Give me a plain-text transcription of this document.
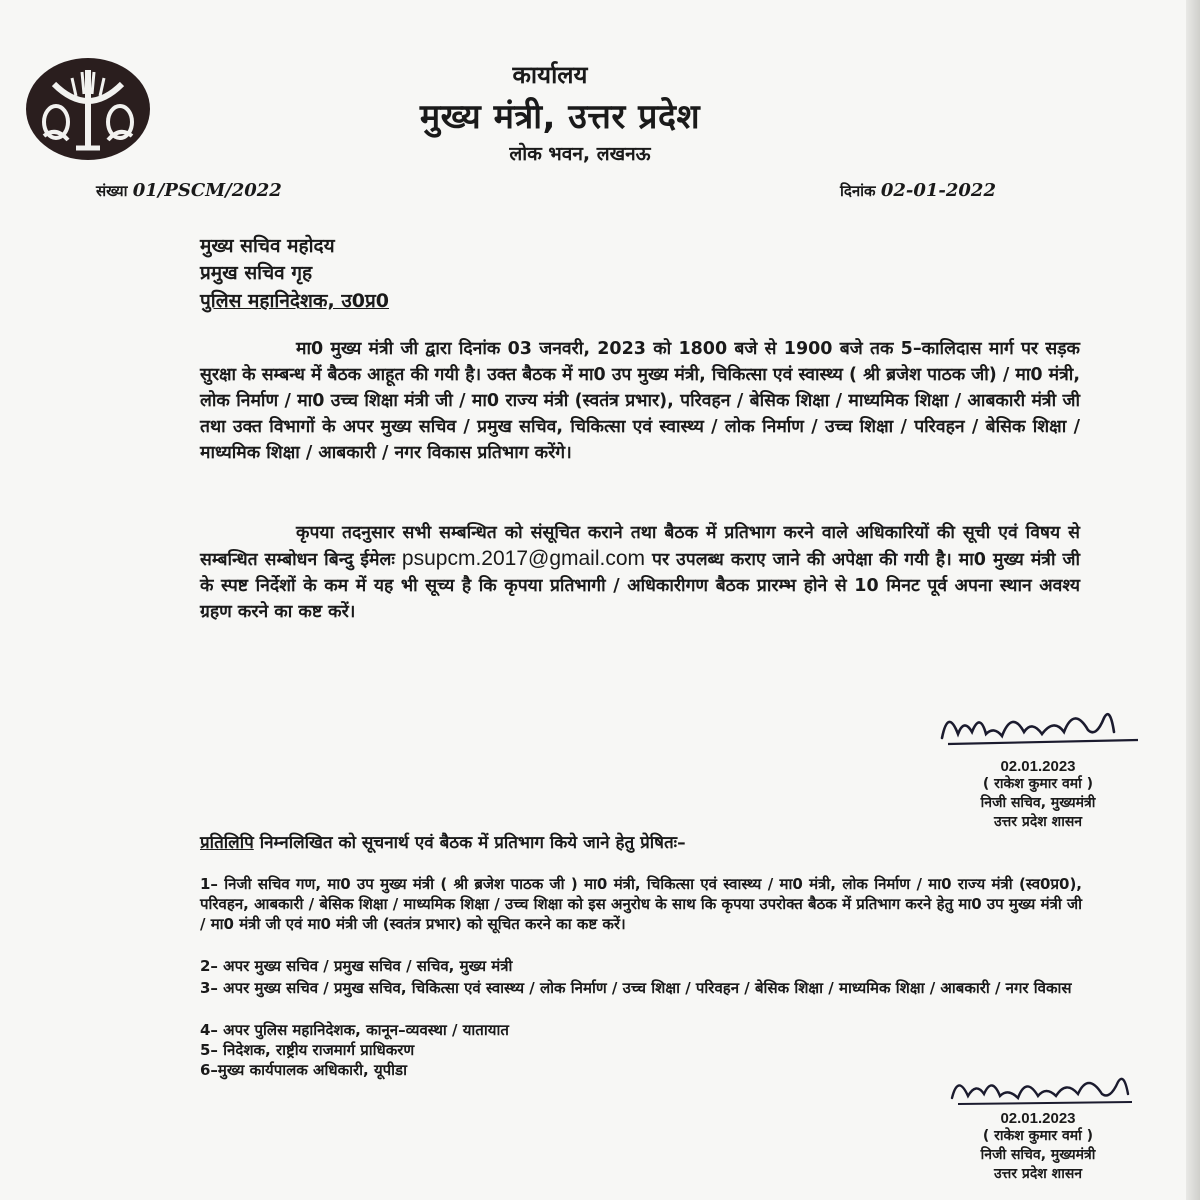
कार्यालय
मुख्य मंत्री, उत्तर प्रदेश
लोक भवन, लखनऊ
संख्या 01/PSCM/2022	दिनांक 02-01-2022
मुख्य सचिव महोदय
प्रमुख सचिव गृह
पुलिस महानिदेशक, उ0प्र0
मा0 मुख्य मंत्री जी द्वारा दिनांक 03 जनवरी, 2023 को 1800 बजे से 1900 बजे तक 5–कालिदास मार्ग पर सड़क सुरक्षा के सम्बन्ध में बैठक आहूत की गयी है। उक्त बैठक में मा0 उप मुख्य मंत्री, चिकित्सा एवं स्वास्थ्य ( श्री ब्रजेश पाठक जी) / मा0 मंत्री, लोक निर्माण / मा0 उच्च शिक्षा मंत्री जी / मा0 राज्य मंत्री (स्वतंत्र प्रभार), परिवहन / बेसिक शिक्षा / माध्यमिक शिक्षा / आबकारी मंत्री जी तथा उक्त विभागों के अपर मुख्य सचिव / प्रमुख सचिव, चिकित्सा एवं स्वास्थ्य / लोक निर्माण / उच्च शिक्षा / परिवहन / बेसिक शिक्षा / माध्यमिक शिक्षा / आबकारी / नगर विकास प्रतिभाग करेंगे।
कृपया तदनुसार सभी सम्बन्धित को संसूचित कराने तथा बैठक में प्रतिभाग करने वाले अधिकारियों की सूची एवं विषय से सम्बन्धित सम्बोधन बिन्दु ईमेलः psupcm.2017@gmail.com पर उपलब्ध कराए जाने की अपेक्षा की गयी है। मा0 मुख्य मंत्री जी के स्पष्ट निर्देशों के कम में यह भी सूच्य है कि कृपया प्रतिभागी / अधिकारीगण बैठक प्रारम्भ होने से 10 मिनट पूर्व अपना स्थान अवश्य ग्रहण करने का कष्ट करें।
02.01.2023
( राकेश कुमार वर्मा )
निजी सचिव, मुख्यमंत्री
उत्तर प्रदेश शासन
प्रतिलिपि निम्नलिखित को सूचनार्थ एवं बैठक में प्रतिभाग किये जाने हेतु प्रेषितः–

1– निजी सचिव गण, मा0 उप मुख्य मंत्री ( श्री ब्रजेश पाठक जी ) मा0 मंत्री, चिकित्सा एवं स्वास्थ्य / मा0 मंत्री, लोक निर्माण / मा0 राज्य मंत्री (स्व0प्र0), परिवहन, आबकारी / बेसिक शिक्षा / माध्यमिक शिक्षा / उच्च शिक्षा को इस अनुरोध के साथ कि कृपया उपरोक्त बैठक में प्रतिभाग करने हेतु मा0 उप मुख्य मंत्री जी / मा0 मंत्री जी एवं मा0 मंत्री जी (स्वतंत्र प्रभार) को सूचित करने का कष्ट करें।

2– अपर मुख्य सचिव / प्रमुख सचिव / सचिव, मुख्य मंत्री

3– अपर मुख्य सचिव / प्रमुख सचिव, चिकित्सा एवं स्वास्थ्य / लोक निर्माण / उच्च शिक्षा / परिवहन / बेसिक शिक्षा / माध्यमिक शिक्षा / आबकारी / नगर विकास

4– अपर पुलिस महानिदेशक, कानून–व्यवस्था / यातायात

5– निदेशक, राष्ट्रीय राजमार्ग प्राधिकरण

6–मुख्य कार्यपालक अधिकारी, यूपीडा

02.01.2023
( राकेश कुमार वर्मा )
निजी सचिव, मुख्यमंत्री
उत्तर प्रदेश शासन
